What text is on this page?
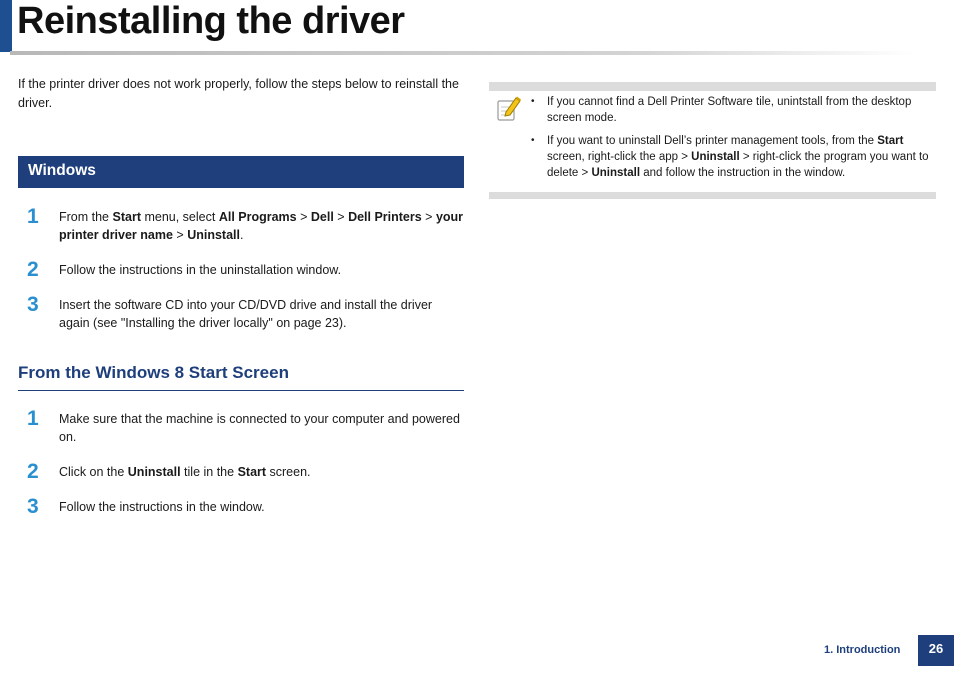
Reinstalling the driver

If the printer driver does not work properly, follow the steps below to reinstall the driver.

Windows
1 From the Start menu, select All Programs > Dell > Dell Printers > your printer driver name > Uninstall.
2 Follow the instructions in the uninstallation window.
3 Insert the software CD into your CD/DVD drive and install the driver again (see "Installing the driver locally" on page 23).
From the Windows 8 Start Screen
1 Make sure that the machine is connected to your computer and powered on.
2 Click on the Uninstall tile in the Start screen.
3 Follow the instructions in the window.
• If you cannot find a Dell Printer Software tile, unintstall from the desktop screen mode.
• If you want to uninstall Dell’s printer management tools, from the Start screen, right-click the app > Uninstall > right-click the program you want to delete > Uninstall and follow the instruction in the window.
1. Introduction	26
